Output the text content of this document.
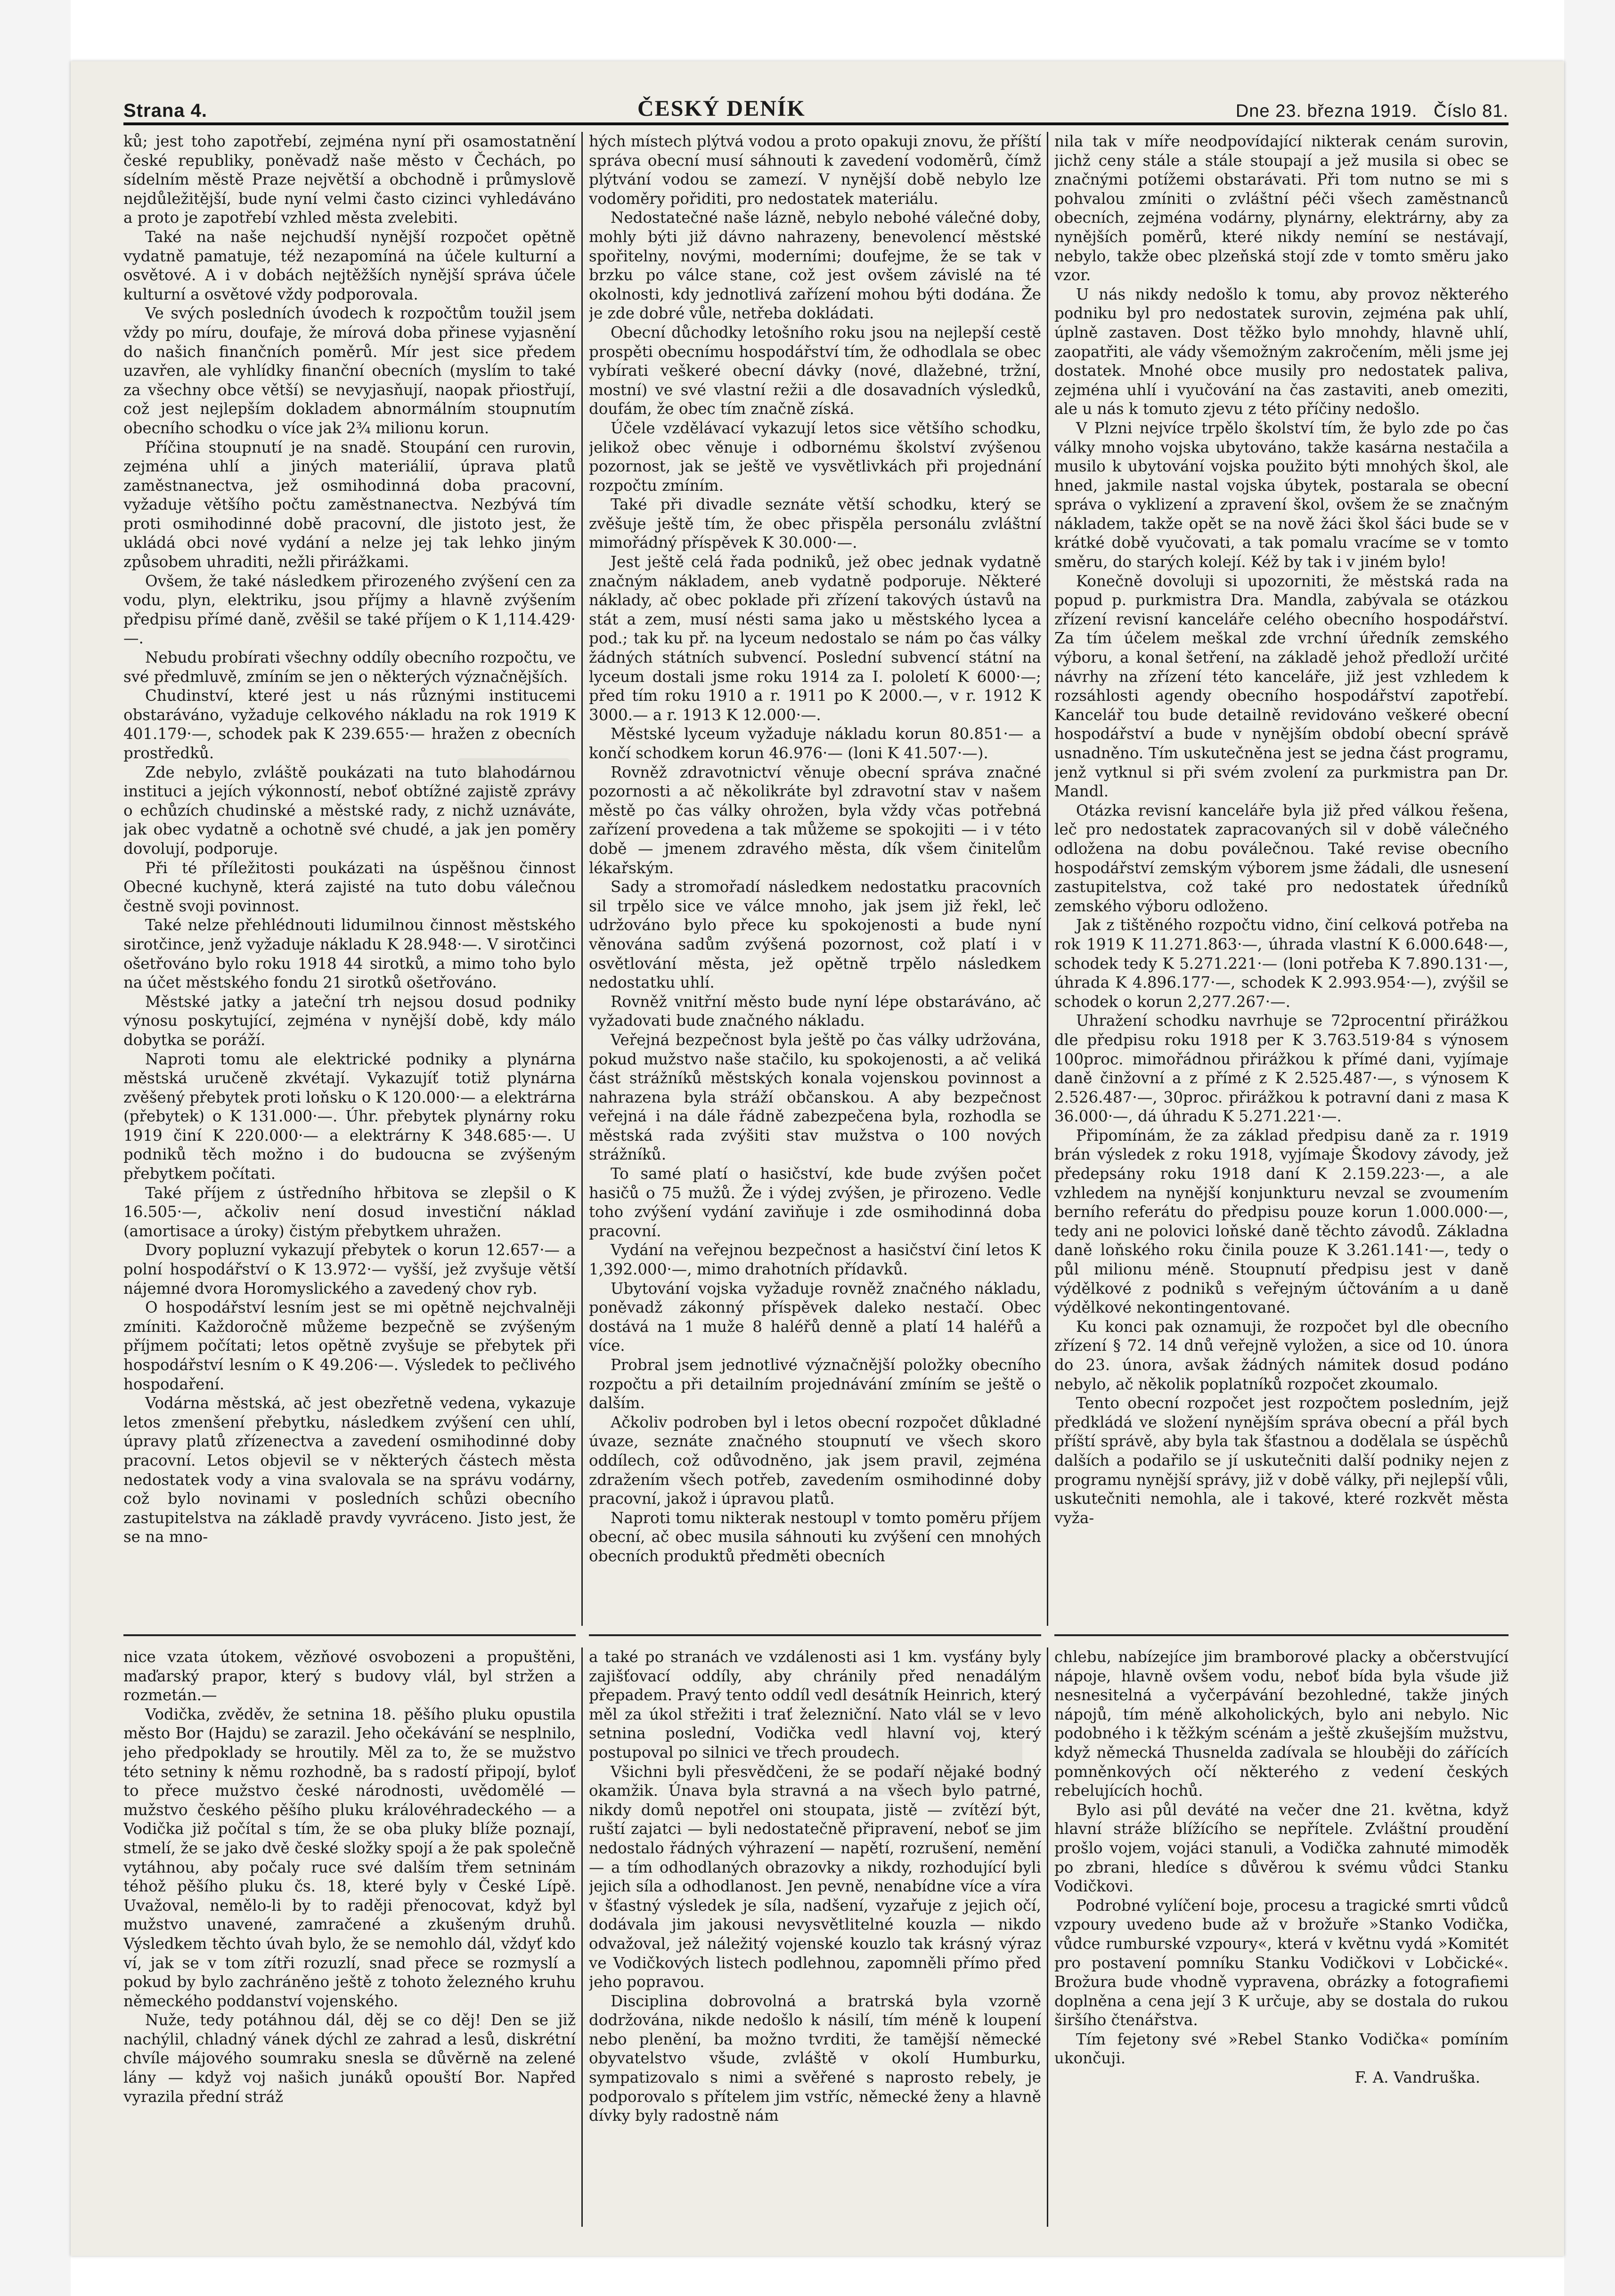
Strana 4.	ČESKÝ DENÍK	Dne 23. března 1919. Číslo 81.

ků; jest toho zapotřebí, zejména nyní při osamostatnění české republiky, poněvadž naše město v Čechách, po sídelním městě Praze největší a obchodně i průmyslově nejdůležitější, bude nyní velmi často cizinci vyhledáváno a proto je zapotřebí vzhled města zvelebiti.

Také na naše nejchudší nynější rozpočet opětně vydatně pamatuje, též nezapomíná na účele kulturní a osvětové. A i v dobách nejtěžších nynější správa účele kulturní a osvětové vždy podporovala.

Ve svých posledních úvodech k rozpočtům toužil jsem vždy po míru, doufaje, že mírová doba přinese vyjasnění do našich finančních poměrů. Mír jest sice předem uzavřen, ale vyhlídky finanční obecních (myslím to také za všechny obce větší) se nevyjasňují, naopak přiostřují, což jest nejlepším dokladem abnormálním stoupnutím obecního schodku o více jak 2¾ milionu korun.

Příčina stoupnutí je na snadě. Stoupání cen rurovin, zejména uhlí a jiných materiálií, úprava platů zaměstnanectva, jež osmihodinná doba pracovní, vyžaduje většího počtu zaměstnanectva. Nezbývá tím proti osmihodinné době pracovní, dle jistoto jest, že ukládá obci nové vydání a nelze jej tak lehko jiným způsobem uhraditi, nežli přirážkami.

Ovšem, že také následkem přirozeného zvýšení cen za vodu, plyn, elektriku, jsou příjmy a hlavně zvýšením předpisu přímé daně, zvěšil se také příjem o K 1,114.429·—.

Nebudu probírati všechny oddíly obecního rozpočtu, ve své předmluvě, zmíním se jen o některých význačnějších.

Chudinství, které jest u nás různými institucemi obstaráváno, vyžaduje celkového nákladu na rok 1919 K 401.179·—, schodek pak K 239.655·— hražen z obecních prostředků.

Zde nebylo, zvláště poukázati na tuto blahodárnou instituci a jejích výkonností, neboť obtížné zajistě zprávy o echůzích chudinské a městské rady, z nichž uznáváte, jak obec vydatně a ochotně své chudé, a jak jen poměry dovolují, podporuje.

Při té příležitosti poukázati na úspěšnou činnost Obecné kuchyně, která zajisté na tuto dobu válečnou čestně svoji povinnost.

Také nelze přehlédnouti lidumilnou činnost městského sirotčince, jenž vyžaduje nákladu K 28.948·—. V sirotčinci ošetřováno bylo roku 1918 44 sirotků, a mimo toho bylo na účet městského fondu 21 sirotků ošetřováno.

Městské jatky a jateční trh nejsou dosud podniky výnosu poskytující, zejména v nynější době, kdy málo dobytka se poráží.

Naproti tomu ale elektrické podniky a plynárna městská uručeně zkvétají. Vykazujíť totiž plynárna zvěšený přebytek proti loňsku o K 120.000·— a elektrárna (přebytek) o K 131.000·—. Úhr. přebytek plynárny roku 1919 činí K 220.000·— a elektrárny K 348.685·—. U podniků těch možno i do budoucna se zvýšeným přebytkem počítati.

Také příjem z ústředního hřbitova se zlepšil o K 16.505·—, ačkoliv není dosud investiční náklad (amortisace a úroky) čistým přebytkem uhražen.

Dvory popluzní vykazují přebytek o korun 12.657·— a polní hospodářství o K 13.972·— vyšší, jež zvyšuje větší nájemné dvora Horomyslického a zavedený chov ryb.

O hospodářství lesním jest se mi opětně nejchvalněji zmíniti. Každoročně můžeme bezpečně se zvýšeným příjmem počítati; letos opětně zvyšuje se přebytek při hospodářství lesním o K 49.206·—. Výsledek to pečlivého hospodaření.

Vodárna městská, ač jest obezřetně vedena, vykazuje letos zmenšení přebytku, následkem zvýšení cen uhlí, úpravy platů zřízenectva a zavedení osmihodinné doby pracovní. Letos objevil se v některých částech města nedostatek vody a vina svalovala se na správu vodárny, což bylo novinami v posledních schůzi obecního zastupitelstva na základě pravdy vyvráceno. Jisto jest, že se na mno-

hých místech plýtvá vodou a proto opakuji znovu, že příští správa obecní musí sáhnouti k zavedení vodoměrů, čímž plýtvání vodou se zamezí. V nynější době nebylo lze vodoměry pořiditi, pro nedostatek materiálu.

Nedostatečné naše lázně, nebylo nebohé válečné doby, mohly býti již dávno nahrazeny, benevolencí městské spořitelny, novými, moderními; doufejme, že se tak v brzku po válce stane, což jest ovšem závislé na té okolnosti, kdy jednotlivá zařízení mohou býti dodána. Že je zde dobré vůle, netřeba dokládati.

Obecní důchodky letošního roku jsou na nejlepší cestě prospěti obecnímu hospodářství tím, že odhodlala se obec vybírati veškeré obecní dávky (nové, dlažebné, tržní, mostní) ve své vlastní režii a dle dosavadních výsledků, doufám, že obec tím značně získá.

Účele vzdělávací vykazují letos sice většího schodku, jelikož obec věnuje i odbornému školství zvýšenou pozornost, jak se ještě ve vysvětlivkách při projednání rozpočtu zmíním.

Také při divadle seznáte větší schodku, který se zvěšuje ještě tím, že obec přispěla personálu zvláštní mimořádný příspěvek K 30.000·—.

Jest ještě celá řada podniků, jež obec jednak vydatně značným nákladem, aneb vydatně podporuje. Některé náklady, ač obec poklade při zřízení takových ústavů na stát a zem, musí nésti sama jako u městského lycea a pod.; tak ku př. na lyceum nedostalo se nám po čas války žádných státních subvencí. Poslední subvencí státní na lyceum dostali jsme roku 1914 za I. pololetí K 6000·—; před tím roku 1910 a r. 1911 po K 2000.—, v r. 1912 K 3000.— a r. 1913 K 12.000·—.

Městské lyceum vyžaduje nákladu korun 80.851·— a končí schodkem korun 46.976·— (loni K 41.507·—).

Rovněž zdravotnictví věnuje obecní správa značné pozornosti a ač několikráte byl zdravotní stav v našem městě po čas války ohrožen, byla vždy včas potřebná zařízení provedena a tak můžeme se spokojiti — i v této době — jmenem zdravého města, dík všem činitelům lékařským.

Sady a stromořadí následkem nedostatku pracovních sil trpělo sice ve válce mnoho, jak jsem již řekl, leč udržováno bylo přece ku spokojenosti a bude nyní věnována sadům zvýšená pozornost, což platí i v osvětlování města, jež opětně trpělo následkem nedostatku uhlí.

Rovněž vnitřní město bude nyní lépe obstaráváno, ač vyžadovati bude značného nákladu.

Veřejná bezpečnost byla ještě po čas války udržována, pokud mužstvo naše stačilo, ku spokojenosti, a ač veliká část strážníků městských konala vojenskou povinnost a nahrazena byla stráží občanskou. A aby bezpečnost veřejná i na dále řádně zabezpečena byla, rozhodla se městská rada zvýšiti stav mužstva o 100 nových strážníků.

To samé platí o hasičství, kde bude zvýšen počet hasičů o 75 mužů. Že i výdej zvýšen, je přirozeno. Vedle toho zvýšení vydání zaviňuje i zde osmihodinná doba pracovní.

Vydání na veřejnou bezpečnost a hasičství činí letos K 1,392.000·—, mimo drahotních přídavků.

Ubytování vojska vyžaduje rovněž značného nákladu, poněvadž zákonný příspěvek daleko nestačí. Obec dostává na 1 muže 8 haléřů denně a platí 14 haléřů a více.

Probral jsem jednotlivé význačnější položky obecního rozpočtu a při detailním projednávání zmíním se ještě o dalším.

Ačkoliv podroben byl i letos obecní rozpočet důkladné úvaze, seznáte značného stoupnutí ve všech skoro oddílech, což odůvodněno, jak jsem pravil, zejména zdražením všech potřeb, zavedením osmihodinné doby pracovní, jakož i úpravou platů.

Naproti tomu nikterak nestoupl v tomto poměru příjem obecní, ač obec musila sáhnouti ku zvýšení cen mnohých obecních produktů předměti obecních

nila tak v míře neodpovídající nikterak cenám surovin, jichž ceny stále a stále stoupají a jež musila si obec se značnými potížemi obstarávati. Při tom nutno se mi s pohvalou zmíniti o zvláštní péči všech zaměstnanců obecních, zejména vodárny, plynárny, elektrárny, aby za nynějších poměrů, které nikdy nemíní se nestávají, nebylo, takže obec plzeňská stojí zde v tomto směru jako vzor.

U nás nikdy nedošlo k tomu, aby provoz některého podniku byl pro nedostatek surovin, zejména pak uhlí, úplně zastaven. Dost těžko bylo mnohdy, hlavně uhlí, zaopatřiti, ale vády všemožným zakročením, měli jsme jej dostatek. Mnohé obce musily pro nedostatek paliva, zejména uhlí i vyučování na čas zastaviti, aneb omeziti, ale u nás k tomuto zjevu z této příčiny nedošlo.

V Plzni nejvíce trpělo školství tím, že bylo zde po čas války mnoho vojska ubytováno, takže kasárna nestačila a musilo k ubytování vojska použito býti mnohých škol, ale hned, jakmile nastal vojska úbytek, postarala se obecní správa o vyklizení a zpravení škol, ovšem že se značným nákladem, takže opět se na nově žáci škol šáci bude se v krátké době vyučovati, a tak pomalu vracíme se v tomto směru, do starých kolejí. Kéž by tak i v jiném bylo!

Konečně dovoluji si upozorniti, že městská rada na popud p. purkmistra Dra. Mandla, zabývala se otázkou zřízení revisní kanceláře celého obecního hospodářství. Za tím účelem meškal zde vrchní úředník zemského výboru, a konal šetření, na základě jehož předloží určité návrhy na zřízení této kanceláře, již jest vzhledem k rozsáhlosti agendy obecního hospodářství zapotřebí. Kancelář tou bude detailně revidováno veškeré obecní hospodářství a bude v nynějším období obecní správě usnadněno. Tím uskutečněna jest se jedna část programu, jenž vytknul si při svém zvolení za purkmistra pan Dr. Mandl.

Otázka revisní kanceláře byla již před válkou řešena, leč pro nedostatek zapracovaných sil v době válečného odložena na dobu poválečnou. Také revise obecního hospodářství zemským výborem jsme žádali, dle usnesení zastupitelstva, což také pro nedostatek úředníků zemského výboru odloženo.

Jak z tištěného rozpočtu vidno, činí celková potřeba na rok 1919 K 11.271.863·—, úhrada vlastní K 6.000.648·—, schodek tedy K 5.271.221·— (loni potřeba K 7.890.131·—, úhrada K 4.896.177·—, schodek K 2.993.954·—), zvýšil se schodek o korun 2,277.267·—.

Uhražení schodku navrhuje se 72procentní přirážkou dle předpisu roku 1918 per K 3.763.519·84 s výnosem 100proc. mimořádnou přirážkou k přímé dani, vyjímaje daně činžovní a z přímé z K 2.525.487·—, s výnosem K 2.526.487·—, 30proc. přirážkou k potravní dani z masa K 36.000·—, dá úhradu K 5.271.221·—.

Připomínám, že za základ předpisu daně za r. 1919 brán výsledek z roku 1918, vyjímaje Škodovy závody, jež předepsány roku 1918 daní K 2.159.223·—, a ale vzhledem na nynější konjunkturu nevzal se zvoumením berního referátu do předpisu pouze korun 1.000.000·—, tedy ani ne polovici loňské daně těchto závodů. Základna daně loňského roku činila pouze K 3.261.141·—, tedy o půl milionu méně. Stoupnutí předpisu jest v daně výdělkové z podniků s veřejným účtováním a u daně výdělkové nekontingentované.

Ku konci pak oznamuji, že rozpočet byl dle obecního zřízení § 72. 14 dnů veřejně vyložen, a sice od 10. února do 23. února, avšak žádných námitek dosud podáno nebylo, ač několik poplatníků rozpočet zkoumalo.

Tento obecní rozpočet jest rozpočtem posledním, jejž předkládá ve složení nynějším správa obecní a přál bych příští správě, aby byla tak šťastnou a dodělala se úspěchů dalších a podařilo se jí uskutečniti další podniky nejen z programu nynější správy, již v době války, při nejlepší vůli, uskutečniti nemohla, ale i takové, které rozkvět města vyža-

nice vzata útokem, vězňové osvobozeni a propuštěni, maďarský prapor, který s budovy vlál, byl stržen a rozmetán.—

Vodička, zvěděv, že setnina 18. pěšího pluku opustila město Bor (Hajdu) se zarazil. Jeho očekávání se nesplnilo, jeho předpoklady se hroutily. Měl za to, že se mužstvo této setniny k němu rozhodně, ba s radostí připojí, byloť to přece mužstvo české národnosti, uvědomělé — mužstvo českého pěšího pluku královéhradeckého — a Vodička již počítal s tím, že se oba pluky blíže poznají, stmelí, že se jako dvě české složky spojí a že pak společně vytáhnou, aby počaly ruce své dalším třem setninám téhož pěšího pluku čs. 18, které byly v České Lípě. Uvažoval, nemělo-li by to raději přenocovat, když byl mužstvo unavené, zamračené a zkušeným druhů. Výsledkem těchto úvah bylo, že se nemohlo dál, vždyť kdo ví, jak se v tom zítři rozuzlí, snad přece se rozmyslí a pokud by bylo zachráněno ještě z tohoto železného kruhu německého poddanství vojenského.

Nuže, tedy potáhnou dál, děj se co děj! Den se již nachýlil, chladný vánek dýchl ze zahrad a lesů, diskrétní chvíle májového soumraku snesla se důvěrně na zelené lány — když voj našich junáků opouští Bor. Napřed vyrazila přední stráž

a také po stranách ve vzdálenosti asi 1 km. vysťány byly zajišťovací oddíly, aby chránily před nenadálým přepadem. Pravý tento oddíl vedl desátník Heinrich, který měl za úkol střežiti i trať železniční. Nato vlál se v levo setnina poslední, Vodička vedl hlavní voj, který postupoval po silnici ve třech proudech.

Všichni byli přesvědčeni, že se podaří nějaké bodný okamžik. Únava byla stravná a na všech bylo patrné, nikdy domů nepotřel oni stoupata, jistě — zvítězí být, ruští zajatci — byli nedostatečně připravení, neboť se jim nedostalo řádných výhrazení — napětí, rozrušení, nemění — a tím odhodlaných obrazovky a nikdy, rozhodující byli jejich síla a odhodlanost. Jen pevně, nenabídne více a víra v šťastný výsledek je síla, nadšení, vyzařuje z jejich očí, dodávala jim jakousi nevysvětlitelné kouzla — nikdo odvažoval, jež náležitý vojenské kouzlo tak krásný výraz ve Vodičkových listech podlehnou, zapomněli přímo před jeho popravou.

Disciplina dobrovolná a bratrská byla vzorně dodržována, nikde nedošlo k násilí, tím méně k loupení nebo plenění, ba možno tvrditi, že tamější německé obyvatelstvo všude, zvláště v okolí Humburku, sympatizovalo s nimi a svěřené s naprosto rebely, je podporovalo s přítelem jim vstříc, německé ženy a hlavně dívky byly radostně nám

chlebu, nabízejíce jim bramborové placky a občerstvující nápoje, hlavně ovšem vodu, neboť bída byla všude již nesnesitelná a vyčerpávání bezohledné, takže jiných nápojů, tím méně alkoholických, bylo ani nebylo. Nic podobného i k těžkým scénám a ještě zkušejším mužstvu, když německá Thusnelda zadívala se hlouběji do zářících pomněnkových očí některého z vedení českých rebelujících hochů.

Bylo asi půl deváté na večer dne 21. května, když hlavní stráže blížícího se nepřítele. Zvláštní proudění prošlo vojem, vojáci stanuli, a Vodička zahnuté mimoděk po zbrani, hledíce s důvěrou k svému vůdci Stanku Vodičkovi.

Podrobné vylíčení boje, procesu a tragické smrti vůdců vzpoury uvedeno bude až v brožuře »Stanko Vodička, vůdce rumburské vzpoury«, která v květnu vydá »Komitét pro postavení pomníku Stanku Vodičkovi v Lobčické«. Brožura bude vhodně vypravena, obrázky a fotografiemi doplněna a cena její 3 K určuje, aby se dostala do rukou širšího čtenářstva.

Tím fejetony své »Rebel Stanko Vodička« pomíním ukončuji.

F. A. Vandruška.
